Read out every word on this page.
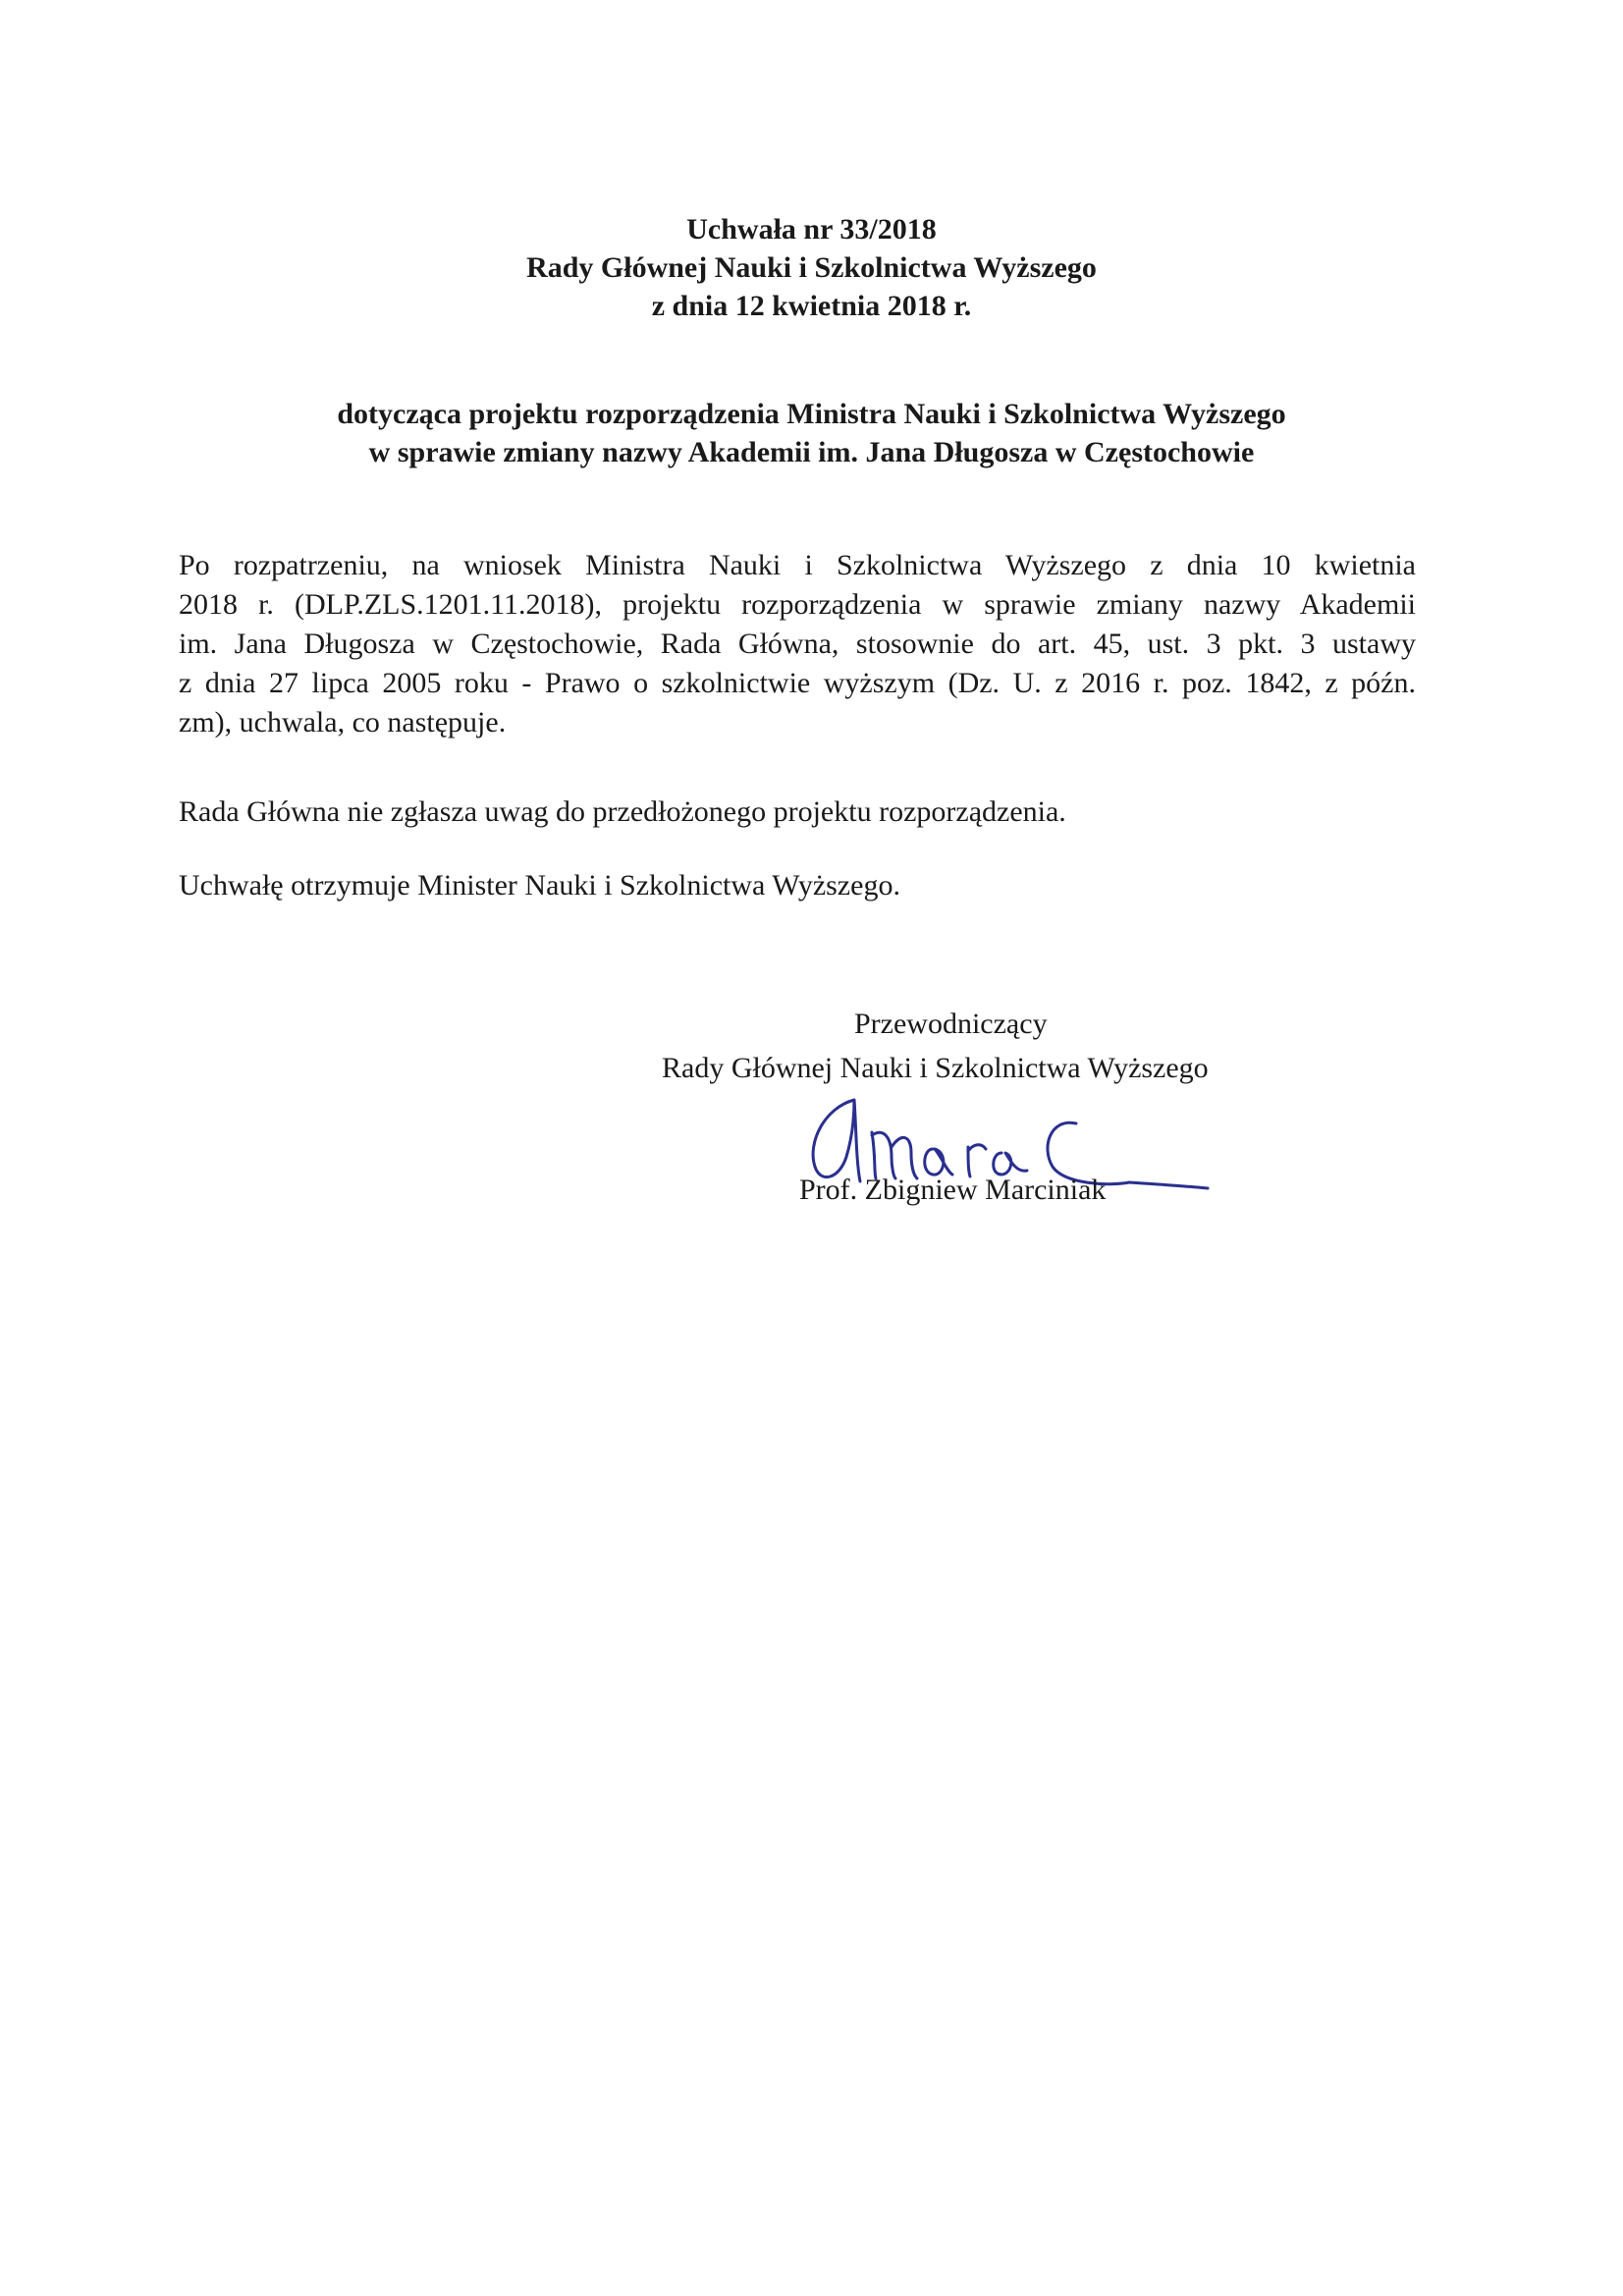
Uchwała nr 33/2018
Rady Głównej Nauki i Szkolnictwa Wyższego
z dnia 12 kwietnia 2018 r.
dotycząca projektu rozporządzenia Ministra Nauki i Szkolnictwa Wyższego
w sprawie zmiany nazwy Akademii im. Jana Długosza w Częstochowie
Po rozpatrzeniu, na wniosek Ministra Nauki i Szkolnictwa Wyższego z dnia 10 kwietnia
2018 r. (DLP.ZLS.1201.11.2018), projektu rozporządzenia w sprawie zmiany nazwy Akademii
im. Jana Długosza w Częstochowie, Rada Główna, stosownie do art. 45, ust. 3 pkt. 3 ustawy
z dnia 27 lipca 2005 roku - Prawo o szkolnictwie wyższym (Dz. U. z 2016 r. poz. 1842, z późn.
zm), uchwala, co następuje.
Rada Główna nie zgłasza uwag do przedłożonego projektu rozporządzenia.
Uchwałę otrzymuje Minister Nauki i Szkolnictwa Wyższego.
Przewodniczący
Rady Głównej Nauki i Szkolnictwa Wyższego
Prof. Zbigniew Marciniak
